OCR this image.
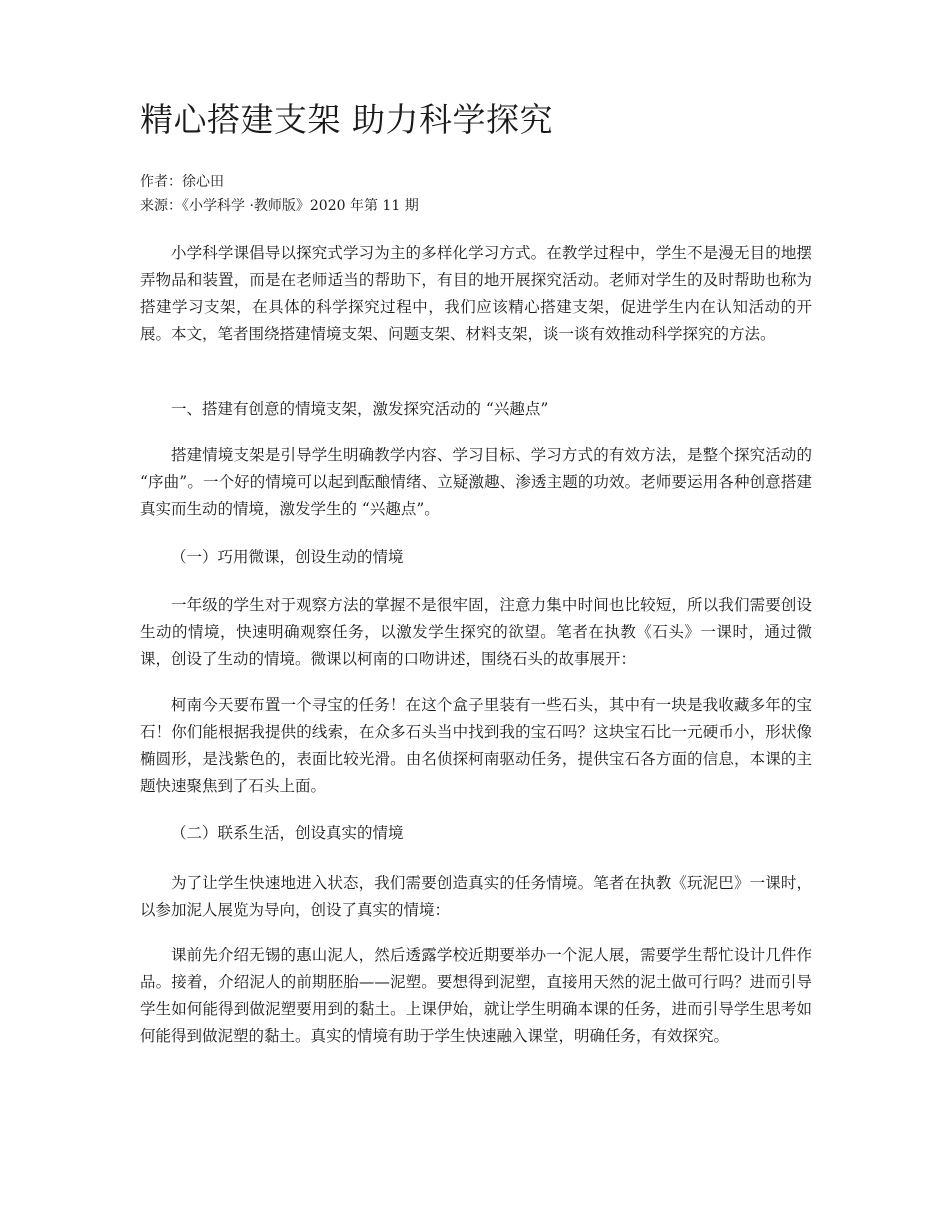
精心搭建支架 助力科学探究
作者：徐心田
来源：《小学科学 ·教师版》2020 年第 11 期

小学科学课倡导以探究式学习为主的多样化学习方式。在教学过程中，学生不是漫无目的地摆弄物品和装置，而是在老师适当的帮助下，有目的地开展探究活动。老师对学生的及时帮助也称为搭建学习支架，在具体的科学探究过程中，我们应该精心搭建支架，促进学生内在认知活动的开展。本文，笔者围绕搭建情境支架、问题支架、材料支架，谈一谈有效推动科学探究的方法。

一、搭建有创意的情境支架，激发探究活动的 “兴趣点”

搭建情境支架是引导学生明确教学内容、学习目标、学习方式的有效方法，是整个探究活动的 “序曲”。一个好的情境可以起到酝酿情绪、立疑激趣、渗透主题的功效。老师要运用各种创意搭建真实而生动的情境，激发学生的 “兴趣点”。

（一）巧用微课，创设生动的情境

一年级的学生对于观察方法的掌握不是很牢固，注意力集中时间也比较短，所以我们需要创设生动的情境，快速明确观察任务，以激发学生探究的欲望。笔者在执教《石头》一课时，通过微课，创设了生动的情境。微课以柯南的口吻讲述，围绕石头的故事展开：

柯南今天要布置一个寻宝的任务！在这个盒子里装有一些石头，其中有一块是我收藏多年的宝石！你们能根据我提供的线索，在众多石头当中找到我的宝石吗？这块宝石比一元硬币小，形状像椭圆形，是浅紫色的，表面比较光滑。由名侦探柯南驱动任务，提供宝石各方面的信息，本课的主题快速聚焦到了石头上面。

（二）联系生活，创设真实的情境

为了让学生快速地进入状态，我们需要创造真实的任务情境。笔者在执教《玩泥巴》一课时，以参加泥人展览为导向，创设了真实的情境：

课前先介绍无锡的惠山泥人，然后透露学校近期要举办一个泥人展，需要学生帮忙设计几件作品。接着，介绍泥人的前期胚胎——泥塑。要想得到泥塑，直接用天然的泥土做可行吗？进而引导学生如何能得到做泥塑要用到的黏土。上课伊始，就让学生明确本课的任务，进而引导学生思考如何能得到做泥塑的黏土。真实的情境有助于学生快速融入课堂，明确任务，有效探究。
